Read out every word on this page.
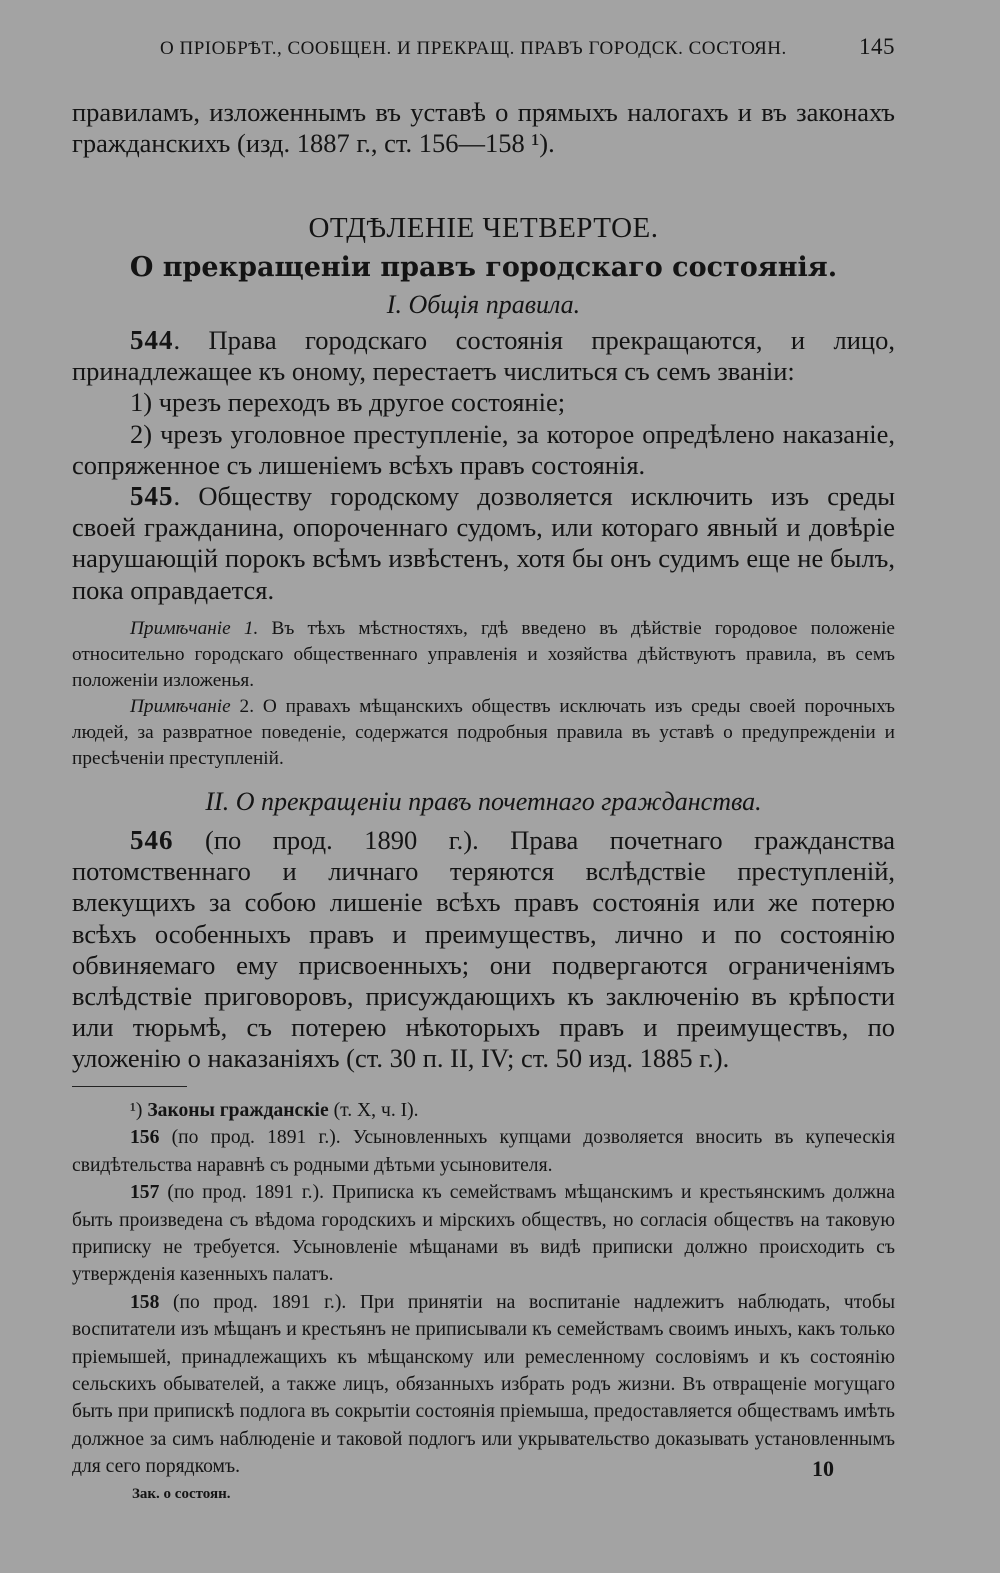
О ПРІОБРѢТ., СООБЩЕН. И ПРЕКРАЩ. ПРАВЪ ГОРОДСК. СОСТОЯН.	145

правиламъ, изложеннымъ въ уставѣ о прямыхъ налогахъ и въ законахъ гражданскихъ (изд. 1887 г., ст. 156—158 ¹).

ОТДѢЛЕНІЕ ЧЕТВЕРТОЕ.

О прекращеніи правъ городскаго состоянія.

I. Общія правила.

544. Права городскаго состоянія прекращаются, и лицо, принадлежащее къ оному, перестаетъ числиться съ семъ званіи:

1) чрезъ переходъ въ другое состояніе;

2) чрезъ уголовное преступленіе, за которое опредѣлено наказаніе, сопряженное съ лишеніемъ всѣхъ правъ состоянія.

545. Обществу городскому дозволяется исключить изъ среды своей гражданина, опороченнаго судомъ, или котораго явный и довѣріе нарушающій порокъ всѣмъ извѣстенъ, хотя бы онъ судимъ еще не былъ, пока оправдается.

Примѣчаніе 1. Въ тѣхъ мѣстностяхъ, гдѣ введено въ дѣйствіе городовое положеніе относительно городскаго общественнаго управленія и хозяйства дѣйствуютъ правила, въ семъ положеніи изложенья.

Примѣчаніе 2. О правахъ мѣщанскихъ обществъ исключать изъ среды своей порочныхъ людей, за развратное поведеніе, содержатся подробныя правила въ уставѣ о предупрежденіи и пресѣченіи преступленій.

II. О прекращеніи правъ почетнаго гражданства.

546 (по прод. 1890 г.). Права почетнаго гражданства потомственнаго и личнаго теряются вслѣдствіе преступленій, влекущихъ за собою лишеніе всѣхъ правъ состоянія или же потерю всѣхъ особенныхъ правъ и преимуществъ, лично и по состоянію обвиняемаго ему присвоенныхъ; они подвергаются ограниченіямъ вслѣдствіе приговоровъ, присуждающихъ къ заключенію въ крѣпости или тюрьмѣ, съ потерею нѣкоторыхъ правъ и преимуществъ, по уложенію о наказаніяхъ (ст. 30 п. II, IV; ст. 50 изд. 1885 г.).

¹) Законы гражданскіе (т. X, ч. I).

156 (по прод. 1891 г.). Усыновленныхъ купцами дозволяется вносить въ купеческія свидѣтельства наравнѣ съ родными дѣтьми усыновителя.

157 (по прод. 1891 г.). Приписка къ семействамъ мѣщанскимъ и крестьянскимъ должна быть произведена съ вѣдома городскихъ и мірскихъ обществъ, но согласія обществъ на таковую приписку не требуется. Усыновленіе мѣщанами въ видѣ приписки должно происходить съ утвержденія казенныхъ палатъ.

158 (по прод. 1891 г.). При принятіи на воспитаніе надлежитъ наблюдать, чтобы воспитатели изъ мѣщанъ и крестьянъ не приписывали къ семействамъ своимъ иныхъ, какъ только пріемышей, принадлежащихъ къ мѣщанскому или ремесленному сословіямъ и къ состоянію сельскихъ обывателей, а также лицъ, обязанныхъ избрать родъ жизни. Въ отвращеніе могущаго быть при припискѣ подлога въ сокрытіи состоянія пріемыша, предоставляется обществамъ имѣть должное за симъ наблюденіе и таковой подлогъ или укрывательство доказывать установленнымъ для сего порядкомъ.	10
Зак. о состоян.
